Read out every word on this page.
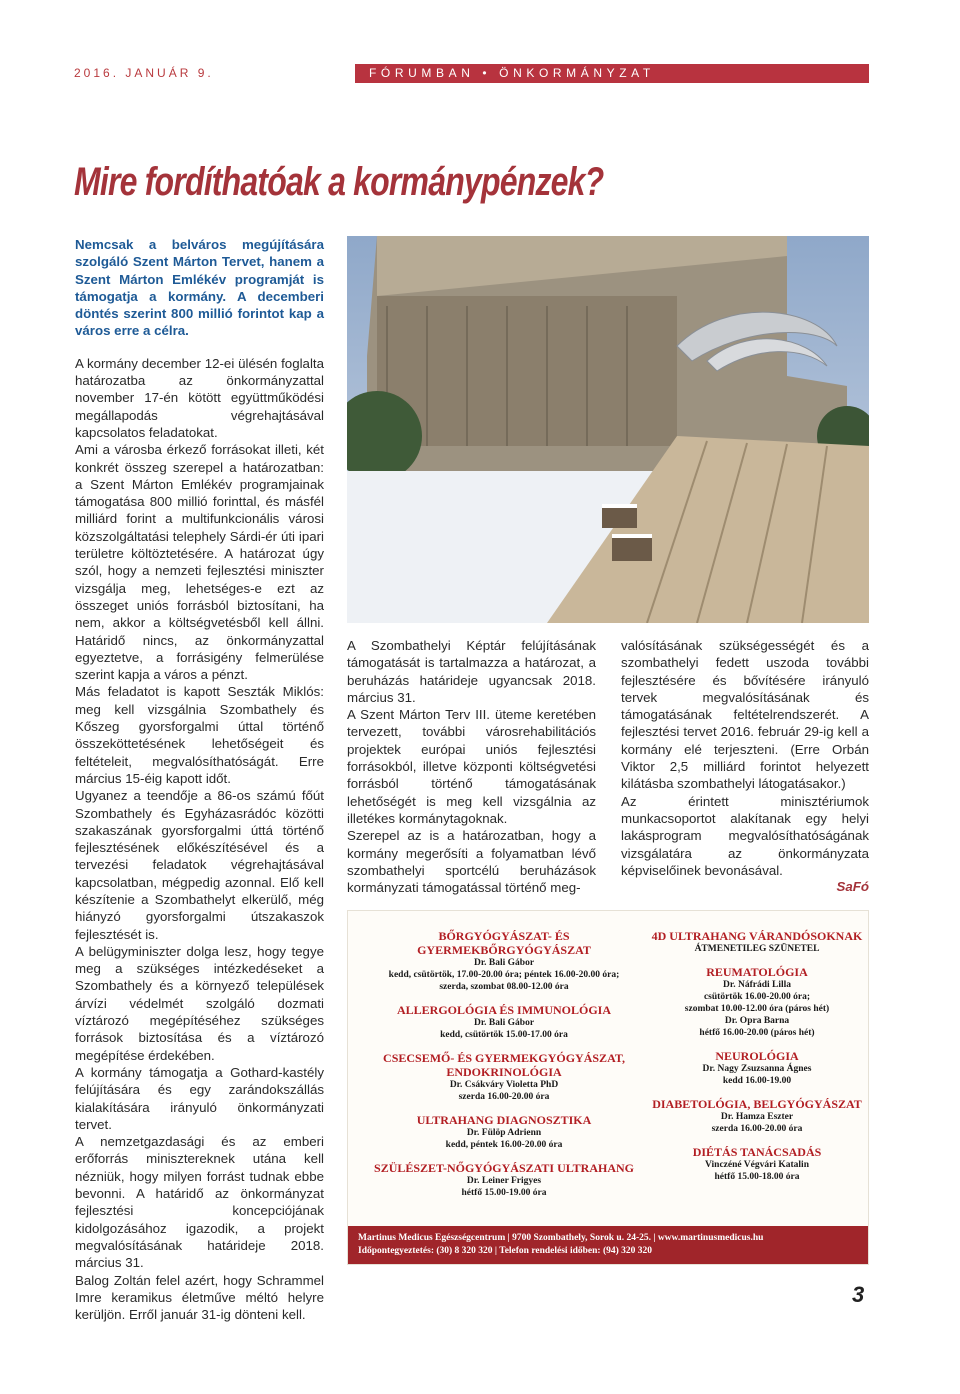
2016. JANUÁR 9.	FÓRUMBAN • ÖNKORMÁNYZAT
Mire fordíthatóak a kormánypénzek?
Nemcsak a belváros megújítására szolgáló Szent Márton Tervet, hanem a Szent Márton Emlékév programját is támogatja a kormány. A decemberi döntés szerint 800 millió forintot kap a város erre a célra.

A kormány december 12-ei ülésén foglalta határozatba az önkormányzattal november 17-én kötött együttműködési megállapodás végrehajtásával kapcsolatos feladatokat.

Ami a városba érkező forrásokat illeti, két konkrét összeg szerepel a határozatban: a Szent Márton Emlékév programjainak támogatása 800 millió forinttal, és másfél milliárd forint a multifunkcionális városi közszolgáltatási telephely Sárdi-ér úti ipari területre költöztetésére. A határozat úgy szól, hogy a nemzeti fejlesztési miniszter vizsgálja meg, lehetséges-e ezt az összeget uniós forrásból biztosítani, ha nem, akkor a költségvetésből kell állni. Határidő nincs, az önkormányzattal egyeztetve, a forrásigény felmerülése szerint kapja a város a pénzt.

Más feladatot is kapott Seszták Miklós: meg kell vizsgálnia Szombathely és Kőszeg gyorsforgalmi úttal történő összeköttetésének lehetőségeit és feltételeit, megvalósíthatóságát. Erre március 15-éig kapott időt.

Ugyanez a teendője a 86-os számú főút Szombathely és Egyházasrádóc közötti szakaszának gyorsforgalmi úttá történő fejlesztésének előkészítésével és a tervezési feladatok végrehajtásával kapcsolatban, mégpedig azonnal. Elő kell készítenie a Szombathelyt elkerülő, még hiányzó gyorsforgalmi útszakaszok fejlesztését is.

A belügyminiszter dolga lesz, hogy tegye meg a szükséges intézkedéseket a Szombathely és a környező települések árvízi védelmét szolgáló dozmati víztározó megépítéséhez szükséges források biztosítása és a víztározó megépítése érdekében.

A kormány támogatja a Gothard-kastély felújítására és egy zarándokszállás kialakítására irányuló önkormányzati tervet.

A nemzetgazdasági és az emberi erőforrás minisztereknek utána kell nézniük, hogy milyen forrást tudnak ebbe bevonni. A határidő az önkormányzat fejlesztési koncepciójának kidolgozásához igazodik, a projekt megvalósításának határideje 2018. március 31.

Balog Zoltán felel azért, hogy Schrammel Imre keramikus életműve méltó helyre kerüljön. Erről január 31-ig dönteni kell.

A Szombathelyi Képtár felújításának támogatását is tartalmazza a határozat, a beruházás határideje ugyancsak 2018. március 31.

A Szent Márton Terv III. üteme keretében tervezett, további városrehabilitációs projektek európai uniós fejlesztési forrásokból, illetve központi költségvetési forrásból történő támogatásának lehetőségét is meg kell vizsgálnia az illetékes kormánytagoknak.

Szerepel az is a határozatban, hogy a kormány megerősíti a folyamatban lévő szombathelyi sportcélú beruházások kormányzati támogatással történő meg-

valósításának szükségességét és a szombathelyi fedett uszoda további fejlesztésére és bővítésére irányuló tervek megvalósításának és támogatásának feltételrendszerét. A fejlesztési tervet 2016. február 29-ig kell a kormány elé terjeszteni. (Erre Orbán Viktor 2,5 milliárd forintot helyezett kilátásba szombathelyi látogatásakor.)

Az érintett minisztériumok munkacsoportot alakítanak egy helyi lakásprogram megvalósíthatóságának vizsgálatára az önkormányzata képviselőinek bevonásával.

SaFó
BŐRGYÓGYÁSZAT- ÉS GYERMEKBŐRGYÓGYÁSZAT
Dr. Bali Gábor
kedd, csütörtök, 17.00-20.00 óra; péntek 16.00-20.00 óra;
szerda, szombat 08.00-12.00 óra
ALLERGOLÓGIA ÉS IMMUNOLÓGIA
Dr. Bali Gábor
kedd, csütörtök 15.00-17.00 óra
CSECSEMŐ- ÉS GYERMEKGYÓGYÁSZAT, ENDOKRINOLÓGIA
Dr. Csákváry Violetta PhD
szerda 16.00-20.00 óra
ULTRAHANG DIAGNOSZTIKA
Dr. Fülöp Adrienn
kedd, péntek 16.00-20.00 óra
SZÜLÉSZET-NŐGYÓGYÁSZATI ULTRAHANG
Dr. Leiner Frigyes
hétfő 15.00-19.00 óra
4D ULTRAHANG VÁRANDÓSOKNAK
ÁTMENETILEG SZÜNETEL
REUMATOLÓGIA
Dr. Náfrádi Lilla
csütörtök 16.00-20.00 óra;
szombat 10.00-12.00 óra (páros hét)
Dr. Opra Barna
hétfő 16.00-20.00 (páros hét)
NEUROLÓGIA
Dr. Nagy Zsuzsanna Ágnes
kedd 16.00-19.00
DIABETOLÓGIA, BELGYÓGYÁSZAT
Dr. Hamza Eszter
szerda 16.00-20.00 óra
DIÉTÁS TANÁCSADÁS
Vinczéné Végvári Katalin
hétfő 15.00-18.00 óra
Martinus Medicus Egészségcentrum | 9700 Szombathely, Sorok u. 24-25. | www.martinusmedicus.hu
Időpontegyeztetés: (30) 8 320 320 | Telefon rendelési időben: (94) 320 320
3
